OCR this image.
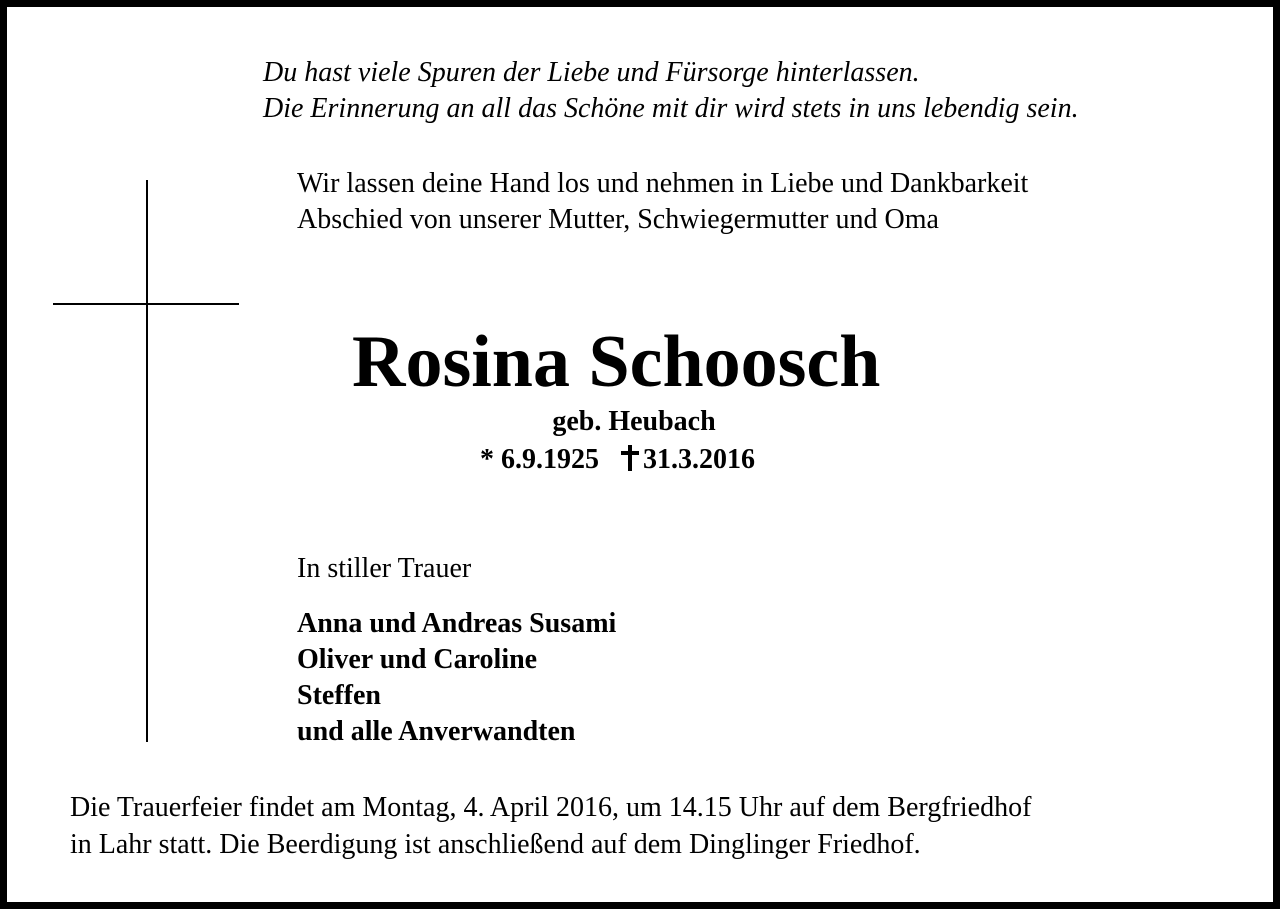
Du hast viele Spuren der Liebe und Fürsorge hinterlassen.
Die Erinnerung an all das Schöne mit dir wird stets in uns lebendig sein.
Wir lassen deine Hand los und nehmen in Liebe und Dankbarkeit
Abschied von unserer Mutter, Schwiegermutter und Oma
Rosina Schoosch
geb. Heubach
* 6.9.1925 31.3.2016
In stiller Trauer
Anna und Andreas Susami
Oliver und Caroline
Steffen
und alle Anverwandten
Die Trauerfeier findet am Montag, 4. April 2016, um 14.15 Uhr auf dem Bergfriedhof
in Lahr statt. Die Beerdigung ist anschließend auf dem Dinglinger Friedhof.
